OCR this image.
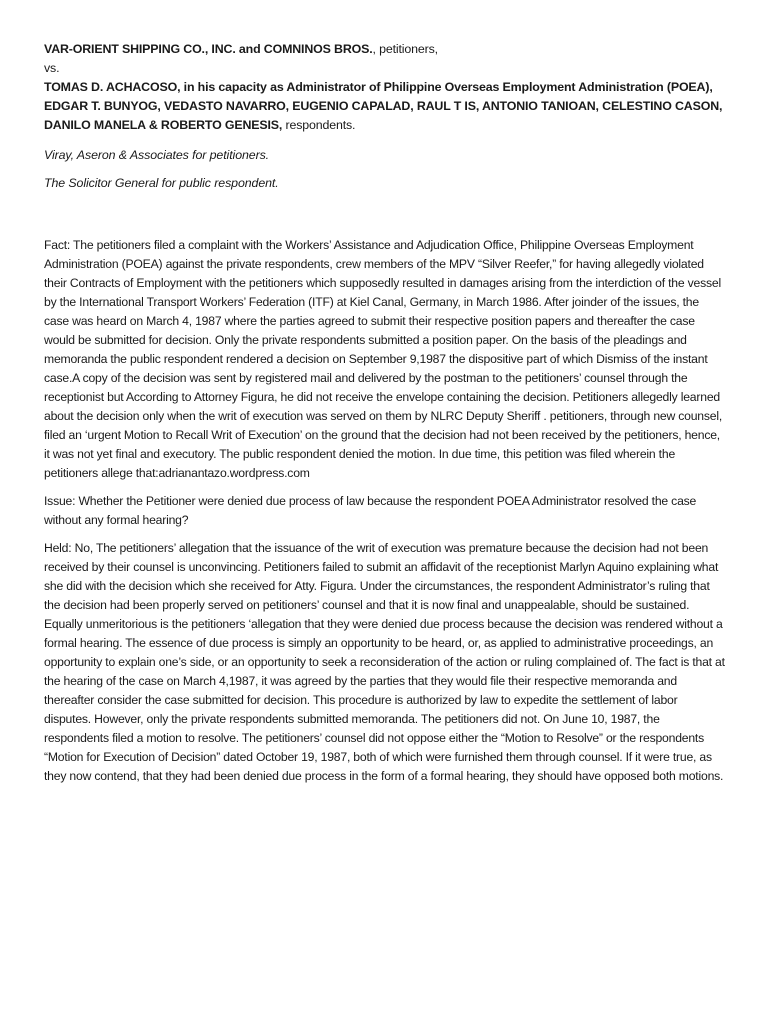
VAR-ORIENT SHIPPING CO., INC. and COMNINOS BROS., petitioners,

vs.

TOMAS D. ACHACOSO, in his capacity as Administrator of Philippine Overseas Employment Administration (POEA), EDGAR T. BUNYOG, VEDASTO NAVARRO, EUGENIO CAPALAD, RAUL T IS, ANTONIO TANIOAN, CELESTINO CASON, DANILO MANELA & ROBERTO GENESIS, respondents.

Viray, Aseron & Associates for petitioners.

The Solicitor General for public respondent.

Fact: The petitioners filed a complaint with the Workers’ Assistance and Adjudication Office, Philippine Overseas Employment Administration (POEA) against the private respondents, crew members of the MPV “Silver Reefer,” for having allegedly violated their Contracts of Employment with the petitioners which supposedly resulted in damages arising from the interdiction of the vessel by the International Transport Workers’ Federation (ITF) at Kiel Canal, Germany, in March 1986. After joinder of the issues, the case was heard on March 4, 1987 where the parties agreed to submit their respective position papers and thereafter the case would be submitted for decision. Only the private respondents submitted a position paper. On the basis of the pleadings and memoranda the public respondent rendered a decision on September 9,1987 the dispositive part of which Dismiss of the instant case.A copy of the decision was sent by registered mail and delivered by the postman to the petitioners’ counsel through the receptionist but According to Attorney Figura, he did not receive the envelope containing the decision. Petitioners allegedly learned about the decision only when the writ of execution was served on them by NLRC Deputy Sheriff . petitioners, through new counsel, filed an ‘urgent Motion to Recall Writ of Execution’ on the ground that the decision had not been received by the petitioners, hence, it was not yet final and executory. The public respondent denied the motion. In due time, this petition was filed wherein the petitioners allege that:adrianantazo.wordpress.com

Issue: Whether the Petitioner were denied due process of law because the respondent POEA Administrator resolved the case without any formal hearing?

Held: No, The petitioners’ allegation that the issuance of the writ of execution was premature because the decision had not been received by their counsel is unconvincing. Petitioners failed to submit an affidavit of the receptionist Marlyn Aquino explaining what she did with the decision which she received for Atty. Figura. Under the circumstances, the respondent Administrator’s ruling that the decision had been properly served on petitioners’ counsel and that it is now final and unappealable, should be sustained. Equally unmeritorious is the petitioners ‘allegation that they were denied due process because the decision was rendered without a formal hearing. The essence of due process is simply an opportunity to be heard, or, as applied to administrative proceedings, an opportunity to explain one’s side, or an opportunity to seek a reconsideration of the action or ruling complained of. The fact is that at the hearing of the case on March 4,1987, it was agreed by the parties that they would file their respective memoranda and thereafter consider the case submitted for decision. This procedure is authorized by law to expedite the settlement of labor disputes. However, only the private respondents submitted memoranda. The petitioners did not. On June 10, 1987, the respondents filed a motion to resolve. The petitioners’ counsel did not oppose either the “Motion to Resolve” or the respondents “Motion for Execution of Decision” dated October 19, 1987, both of which were furnished them through counsel. If it were true, as they now contend, that they had been denied due process in the form of a formal hearing, they should have opposed both motions.
